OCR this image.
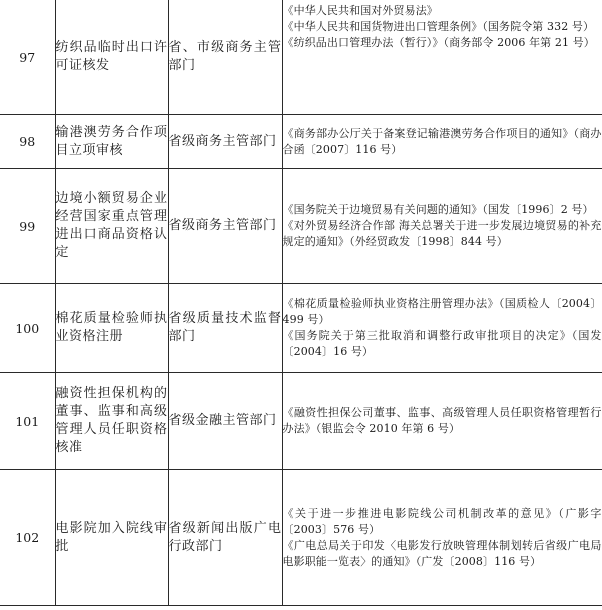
97	纺织品临时出口许可证核发	省、市级商务主管部门	《中华人民共和国对外贸易法》
《中华人民共和国货物进出口管理条例》（国务院令第 332 号）
《纺织品出口管理办法（暂行）》（商务部令 2006 年第 21 号）

98	输港澳劳务合作项目立项审核	省级商务主管部门	《商务部办公厅关于备案登记输港澳劳务合作项目的通知》（商办合函〔2007〕116 号）

99	边境小额贸易企业经营国家重点管理进出口商品资格认定	省级商务主管部门	《国务院关于边境贸易有关问题的通知》（国发〔1996〕2 号）
《对外贸易经济合作部 海关总署关于进一步发展边境贸易的补充规定的通知》（外经贸政发〔1998〕844 号）

100	棉花质量检验师执业资格注册	省级质量技术监督部门	《棉花质量检验师执业资格注册管理办法》（国质检人〔2004〕499 号）
《国务院关于第三批取消和调整行政审批项目的决定》（国发〔2004〕16 号）

101	融资性担保机构的董事、监事和高级管理人员任职资格核准	省级金融主管部门	《融资性担保公司董事、监事、高级管理人员任职资格管理暂行办法》（银监会令 2010 年第 6 号）

102	电影院加入院线审批	省级新闻出版广电行政部门	《关于进一步推进电影院线公司机制改革的意见》（广影字〔2003〕576 号）
《广电总局关于印发〈电影发行放映管理体制划转后省级广电局电影职能一览表〉的通知》（广发〔2008〕116 号）
